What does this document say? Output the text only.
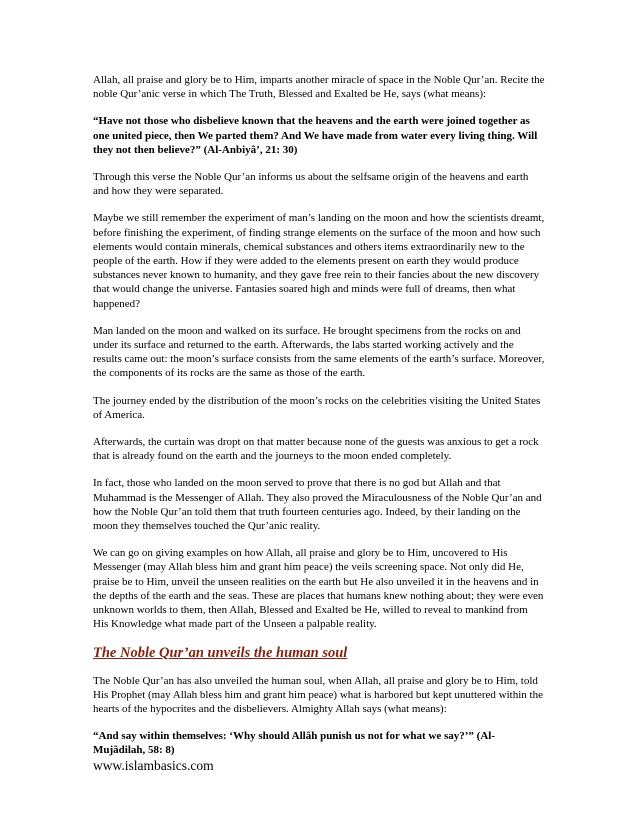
Allah, all praise and glory be to Him, imparts another miracle of space in the Noble Qur’an. Recite the noble Qur’anic verse in which The Truth, Blessed and Exalted be He, says (what means):

“Have not those who disbelieve known that the heavens and the earth were joined together as one united piece, then We parted them? And We have made from water every living thing. Will they not then believe?” (Al-Anbiyâ’, 21: 30)

Through this verse the Noble Qur’an informs us about the selfsame origin of the heavens and earth and how they were separated.

Maybe we still remember the experiment of man’s landing on the moon and how the scientists dreamt, before finishing the experiment, of finding strange elements on the surface of the moon and how such elements would contain minerals, chemical substances and others items extraordinarily new to the people of the earth. How if they were added to the elements present on earth they would produce substances never known to humanity, and they gave free rein to their fancies about the new discovery that would change the universe. Fantasies soared high and minds were full of dreams, then what happened?

Man landed on the moon and walked on its surface. He brought specimens from the rocks on and under its surface and returned to the earth. Afterwards, the labs started working actively and the results came out: the moon’s surface consists from the same elements of the earth’s surface. Moreover, the components of its rocks are the same as those of the earth.

The journey ended by the distribution of the moon’s rocks on the celebrities visiting the United States of America.

Afterwards, the curtain was dropt on that matter because none of the guests was anxious to get a rock that is already found on the earth and the journeys to the moon ended completely.

In fact, those who landed on the moon served to prove that there is no god but Allah and that Muhammad is the Messenger of Allah. They also proved the Miraculousness of the Noble Qur’an and how the Noble Qur’an told them that truth fourteen centuries ago. Indeed, by their landing on the moon they themselves touched the Qur’anic reality.

We can go on giving examples on how Allah, all praise and glory be to Him, uncovered to His Messenger (may Allah bless him and grant him peace) the veils screening space. Not only did He, praise be to Him, unveil the unseen realities on the earth but He also unveiled it in the heavens and in the depths of the earth and the seas. These are places that humans knew nothing about; they were even unknown worlds to them, then Allah, Blessed and Exalted be He, willed to reveal to mankind from His Knowledge what made part of the Unseen a palpable reality.

The Noble Qur’an unveils the human soul

The Noble Qur’an has also unveiled the human soul, when Allah, all praise and glory be to Him, told His Prophet (may Allah bless him and grant him peace) what is harbored but kept unuttered within the hearts of the hypocrites and the disbelievers. Almighty Allah says (what means):

“And say within themselves: ‘Why should Allâh punish us not for what we say?’” (Al-Mujâdilah, 58: 8)

www.islambasics.com
